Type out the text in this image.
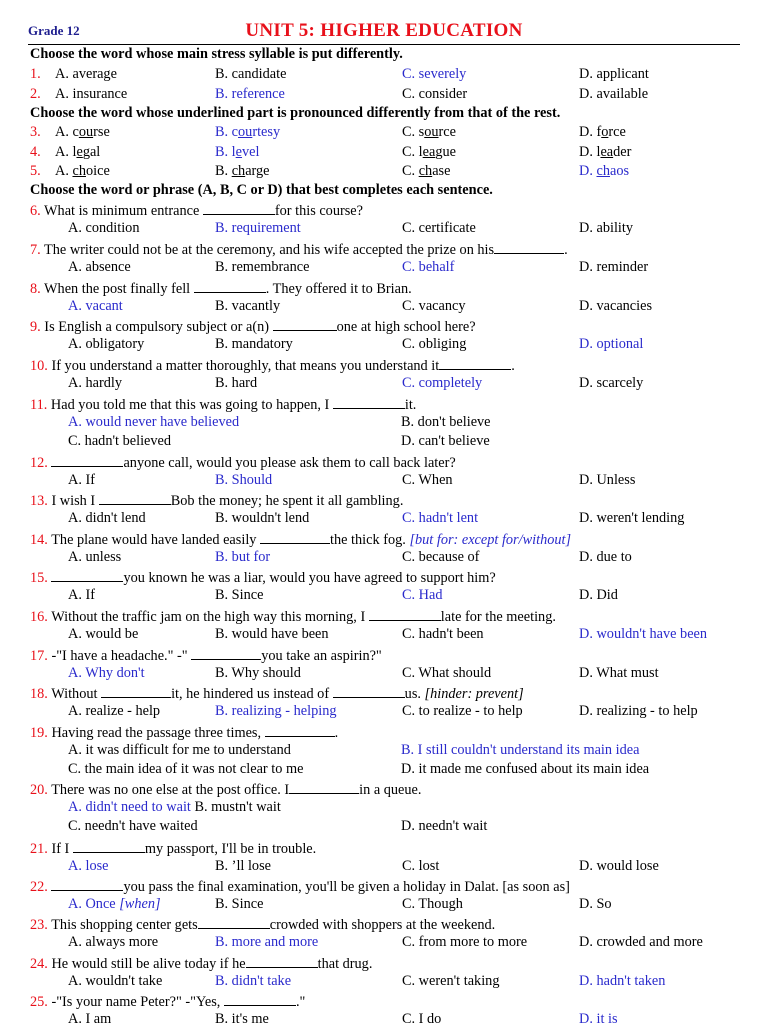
Grade 12	UNIT 5: HIGHER EDUCATION
Choose the word whose main stress syllable is put differently.
1. A. average	B. candidate	C. severely	D. applicant
2. A. insurance	B. reference	C. consider	D. available
Choose the word whose underlined part is pronounced differently from that of the rest.
3. A. course	B. courtesy	C. source	D. force
4. A. legal	B. level	C. league	D. leader
5. A. choice	B. charge	C. chase	D. chaos
Choose the word or phrase (A, B, C or D) that best completes each sentence.
6. What is minimum entrance	for this course?
A. condition	B. requirement	C. certificate	D. ability
7. The writer could not be at the ceremony, and his wife accepted the prize on his	.
A. absence	B. remembrance	C. behalf	D. reminder
8. When the post finally fell	. They offered it to Brian.
A. vacant	B. vacantly	C. vacancy	D. vacancies
9. Is English a compulsory subject or a(n)	one at high school here?
A. obligatory	B. mandatory	C. obliging	D. optional
10. If you understand a matter thoroughly, that means you understand it	.
A. hardly	B. hard	C. completely	D. scarcely
11. Had you told me that this was going to happen, I	it.
A. would never have believed	B. don't believe
C. hadn't believed	D. can't believe
12.	anyone call, would you please ask them to call back later?
A. If	B. Should	C. When	D. Unless
13. I wish I	Bob the money; he spent it all gambling.
A. didn't lend	B. wouldn't lend	C. hadn't lent	D. weren't lending
14. The plane would have landed easily	the thick fog. [but for: except for/without]
A. unless	B. but for	C. because of	D. due to
15.	you known he was a liar, would you have agreed to support him?
A. If	B. Since	C. Had	D. Did
16. Without the traffic jam on the high way this morning, I	late for the meeting.
A. would be	B. would have been	C. hadn't been	D. wouldn't have been
17. -"I have a headache." -"	you take an aspirin?"
A. Why don't	B. Why should	C. What should	D. What must
18. Without	it, he hindered us instead of	us. [hinder: prevent]
A. realize - help	B. realizing - helping	C. to realize - to help	D. realizing - to help
19. Having read the passage three times,	.
A. it was difficult for me to understand	B. I still couldn't understand its main idea
C. the main idea of it was not clear to me	D. it made me confused about its main idea
20. There was no one else at the post office. I	in a queue.
A. didn't need to wait B. mustn't wait
C. needn't have waited	D. needn't wait
21. If I	my passport, I'll be in trouble.
A. lose	B. ’ll lose	C. lost	D. would lose
22.	you pass the final examination, you'll be given a holiday in Dalat. [as soon as]
A. Once [when]	B. Since	C. Though	D. So
23. This shopping center gets	crowded with shoppers at the weekend.
A. always more	B. more and more	C. from more to more	D. crowded and more
24. He would still be alive today if he	that drug.
A. wouldn't take	B. didn't take	C. weren't taking	D. hadn't taken
25. -"Is your name Peter?" -"Yes,	."
A. I am	B. it's me	C. I do	D. it is
